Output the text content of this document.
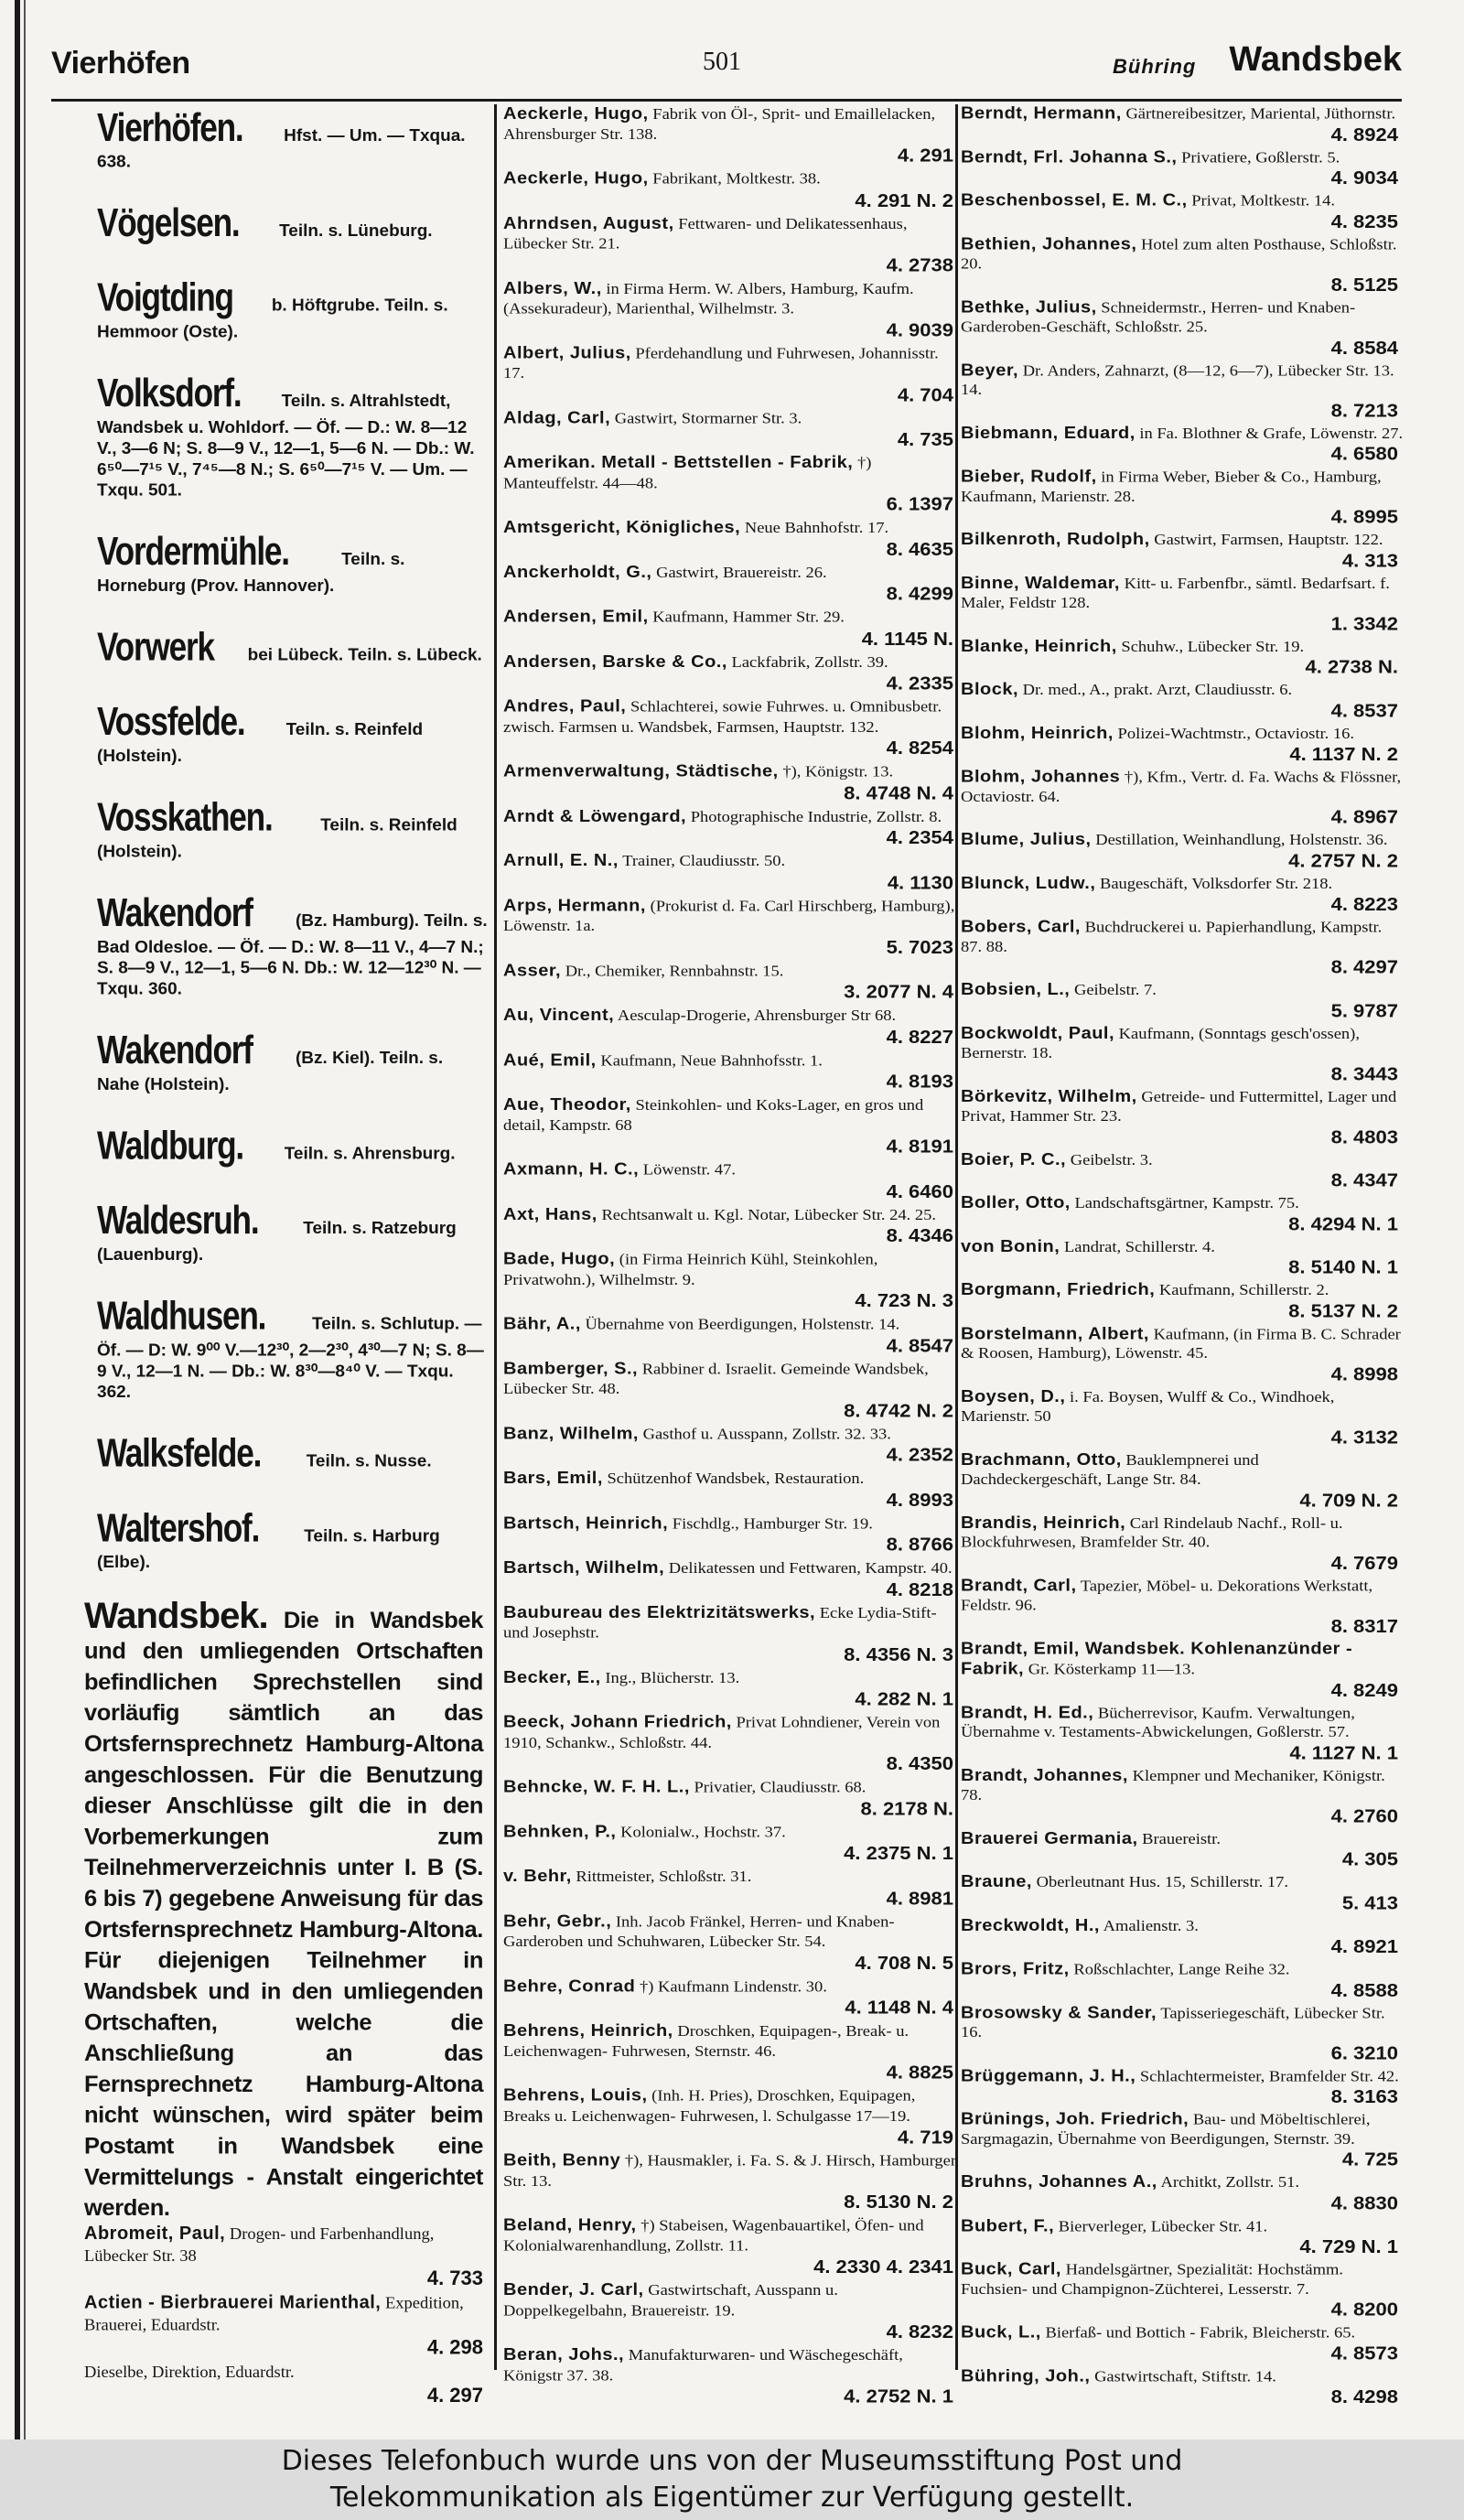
Vierhöfen	501	Bühring Wandsbek
Vierhöfen. Hfst. — Um. — Txqua. 638.
Vögelsen. Teiln. s. Lüneburg.
Voigtding b. Höftgrube. Teiln. s. Hemmoor (Oste).
Volksdorf. Teiln. s. Altrahlstedt, Wandsbek u. Wohldorf. — Öf. — D.: W. 8—12 V., 3—6 N; S. 8—9 V., 12—1, 5—6 N. — Db.: W. 6⁵⁰—7¹⁵ V., 7⁴⁵—8 N.; S. 6⁵⁰—7¹⁵ V. — Um. — Txqu. 501.
Vordermühle.	Teiln. s. Horneburg (Prov. Hannover).
Vorwerk bei Lübeck. Teiln. s. Lübeck.
Vossfelde. Teiln. s. Reinfeld (Holstein).
Vosskathen.	Teiln. s. Reinfeld (Holstein).
Wakendorf (Bz. Hamburg). Teiln. s. Bad Oldesloe. — Öf. — D.: W. 8—11 V., 4—7 N.; S. 8—9 V., 12—1, 5—6 N. Db.: W. 12—12³⁰ N. — Txqu. 360.
Wakendorf (Bz. Kiel). Teiln. s. Nahe (Holstein).
Waldburg. Teiln. s. Ahrensburg.
Waldesruh.	Teiln. s. Ratzeburg (Lauenburg).
Waldhusen.	Teiln. s. Schlutup. — Öf. — D: W. 9⁰⁰ V.—12³⁰, 2—2³⁰, 4³⁰—7 N; S. 8—9 V., 12—1 N. — Db.: W. 8³⁰—8⁴⁰ V. — Txqu. 362.
Walksfelde.	Teiln. s. Nusse.
Waltershof.	Teiln. s. Harburg (Elbe).
Wandsbek. Die in Wandsbek und den umliegenden Ortschaften befindlichen Sprechstellen sind vorläufig sämtlich an das Ortsfernsprechnetz Hamburg-Altona angeschlossen. Für die Benutzung dieser Anschlüsse gilt die in den Vorbemerkungen zum Teilnehmerverzeichnis unter I. B (S. 6 bis 7) gegebene Anweisung für das Ortsfernsprechnetz Hamburg-Altona. Für diejenigen Teilnehmer in Wandsbek und in den umliegenden Ortschaften, welche die Anschließung an das Fernsprechnetz Hamburg-Altona nicht wünschen, wird später beim Postamt in Wandsbek eine Vermittelungs - Anstalt eingerichtet werden.
Abromeit, Paul, Drogen- und Farbenhandlung, Lübecker Str. 38
4. 733
Actien - Bierbrauerei Marienthal, Expedition, Brauerei, Eduardstr.
4. 298
Dieselbe, Direktion, Eduardstr.
4. 297
Aeckerle, Hugo, Fabrik von Öl-, Sprit- und Emaillelacken, Ahrensburger Str. 138.
4. 291
Aeckerle, Hugo, Fabrikant, Moltkestr. 38.
4. 291 N. 2
Ahrndsen, August, Fettwaren- und Delikatessenhaus, Lübecker Str. 21.
4. 2738
Albers, W., in Firma Herm. W. Albers, Hamburg, Kaufm. (Assekuradeur), Marienthal, Wilhelmstr. 3.
4. 9039
Albert, Julius, Pferdehandlung und Fuhrwesen, Johannisstr. 17.
4. 704
Aldag, Carl, Gastwirt, Stormarner Str. 3.
4. 735
Amerikan. Metall - Bettstellen - Fabrik, †) Manteuffelstr. 44—48.
6. 1397
Amtsgericht, Königliches, Neue Bahnhofstr. 17.
8. 4635
Anckerholdt, G., Gastwirt, Brauereistr. 26.
8. 4299
Andersen, Emil, Kaufmann, Hammer Str. 29.
4. 1145 N.
Andersen, Barske & Co., Lackfabrik, Zollstr. 39.
4. 2335
Andres, Paul, Schlachterei, sowie Fuhrwes. u. Omnibusbetr. zwisch. Farmsen u. Wandsbek, Farmsen, Hauptstr. 132.
4. 8254
Armenverwaltung, Städtische, †), Königstr. 13.
8. 4748 N. 4
Arndt & Löwengard, Photographische Industrie, Zollstr. 8.
4. 2354
Arnull, E. N., Trainer, Claudiusstr. 50.
4. 1130
Arps, Hermann, (Prokurist d. Fa. Carl Hirschberg, Hamburg), Löwenstr. 1a.
5. 7023
Asser, Dr., Chemiker, Rennbahnstr. 15.
3. 2077 N. 4
Au, Vincent, Aesculap-Drogerie, Ahrensburger Str 68.
4. 8227
Aué, Emil, Kaufmann, Neue Bahnhofsstr. 1.
4. 8193
Aue, Theodor, Steinkohlen- und Koks-Lager, en gros und detail, Kampstr. 68
4. 8191
Axmann, H. C., Löwenstr. 47.
4. 6460
Axt, Hans, Rechtsanwalt u. Kgl. Notar, Lübecker Str. 24. 25.
8. 4346
Bade, Hugo, (in Firma Heinrich Kühl, Steinkohlen, Privatwohn.), Wilhelmstr. 9.
4. 723 N. 3
Bähr, A., Übernahme von Beerdigungen, Holstenstr. 14.
4. 8547
Bamberger, S., Rabbiner d. Israelit. Gemeinde Wandsbek, Lübecker Str. 48.
8. 4742 N. 2
Banz, Wilhelm, Gasthof u. Ausspann, Zollstr. 32. 33.
4. 2352
Bars, Emil, Schützenhof Wandsbek, Restauration.
4. 8993
Bartsch, Heinrich, Fischdlg., Hamburger Str. 19.
8. 8766
Bartsch, Wilhelm, Delikatessen und Fettwaren, Kampstr. 40.
4. 8218
Baubureau des Elektrizitätswerks, Ecke Lydia-Stift- und Josephstr.
8. 4356 N. 3
Becker, E., Ing., Blücherstr. 13.
4. 282 N. 1
Beeck, Johann Friedrich, Privat Lohndiener, Verein von 1910, Schankw., Schloßstr. 44.
8. 4350
Behncke, W. F. H. L., Privatier, Claudiusstr. 68.
8. 2178 N.
Behnken, P., Kolonialw., Hochstr. 37.
4. 2375 N. 1
v. Behr, Rittmeister, Schloßstr. 31.
4. 8981
Behr, Gebr., Inh. Jacob Fränkel, Herren- und Knaben-Garderoben und Schuhwaren, Lübecker Str. 54.
4. 708 N. 5
Behre, Conrad †) Kaufmann Lindenstr. 30.
4. 1148 N. 4
Behrens, Heinrich, Droschken, Equipagen-, Break- u. Leichenwagen- Fuhrwesen, Sternstr. 46.
4. 8825
Behrens, Louis, (Inh. H. Pries), Droschken, Equipagen, Breaks u. Leichenwagen- Fuhrwesen, l. Schulgasse 17—19.
4. 719
Beith, Benny †), Hausmakler, i. Fa. S. & J. Hirsch, Hamburger Str. 13.
8. 5130 N. 2
Beland, Henry, †) Stabeisen, Wagenbauartikel, Öfen- und Kolonialwarenhandlung, Zollstr. 11.
4. 2330 4. 2341
Bender, J. Carl, Gastwirtschaft, Ausspann u. Doppelkegelbahn, Brauereistr. 19.
4. 8232
Beran, Johs., Manufakturwaren- und Wäschegeschäft, Königstr 37. 38.
4. 2752 N. 1
Berndt, Hermann, Gärtnereibesitzer, Mariental, Jüthornstr.
4. 8924
Berndt, Frl. Johanna S., Privatiere, Goßlerstr. 5.
4. 9034
Beschenbossel, E. M. C., Privat, Moltkestr. 14.
4. 8235
Bethien, Johannes, Hotel zum alten Posthause, Schloßstr. 20.
8. 5125
Bethke, Julius, Schneidermstr., Herren- und Knaben-Garderoben-Geschäft, Schloßstr. 25.
4. 8584
Beyer, Dr. Anders, Zahnarzt, (8—12, 6—7), Lübecker Str. 13. 14.
8. 7213
Biebmann, Eduard, in Fa. Blothner & Grafe, Löwenstr. 27.
4. 6580
Bieber, Rudolf, in Firma Weber, Bieber & Co., Hamburg, Kaufmann, Marienstr. 28.
4. 8995
Bilkenroth, Rudolph, Gastwirt, Farmsen, Hauptstr. 122.
4. 313
Binne, Waldemar, Kitt- u. Farbenfbr., sämtl. Bedarfsart. f. Maler, Feldstr 128.
1. 3342
Blanke, Heinrich, Schuhw., Lübecker Str. 19.
4. 2738 N.
Block, Dr. med., A., prakt. Arzt, Claudiusstr. 6.
4. 8537
Blohm, Heinrich, Polizei-Wachtmstr., Octaviostr. 16.
4. 1137 N. 2
Blohm, Johannes †), Kfm., Vertr. d. Fa. Wachs & Flössner, Octaviostr. 64.
4. 8967
Blume, Julius, Destillation, Weinhandlung, Holstenstr. 36.
4. 2757 N. 2
Blunck, Ludw., Baugeschäft, Volksdorfer Str. 218.
4. 8223
Bobers, Carl, Buchdruckerei u. Papierhandlung, Kampstr. 87. 88.
8. 4297
Bobsien, L., Geibelstr. 7.
5. 9787
Bockwoldt, Paul, Kaufmann, (Sonntags gesch'ossen), Bernerstr. 18.
8. 3443
Börkevitz, Wilhelm, Getreide- und Futtermittel, Lager und Privat, Hammer Str. 23.
8. 4803
Boier, P. C., Geibelstr. 3.
8. 4347
Boller, Otto, Landschaftsgärtner, Kampstr. 75.
8. 4294 N. 1
von Bonin, Landrat, Schillerstr. 4.
8. 5140 N. 1
Borgmann, Friedrich, Kaufmann, Schillerstr. 2.
8. 5137 N. 2
Borstelmann, Albert, Kaufmann, (in Firma B. C. Schrader & Roosen, Hamburg), Löwenstr. 45.
4. 8998
Boysen, D., i. Fa. Boysen, Wulff & Co., Windhoek, Marienstr. 50
4. 3132
Brachmann, Otto, Bauklempnerei und Dachdeckergeschäft, Lange Str. 84.
4. 709 N. 2
Brandis, Heinrich, Carl Rindelaub Nachf., Roll- u. Blockfuhrwesen, Bramfelder Str. 40.
4. 7679
Brandt, Carl, Tapezier, Möbel- u. Dekorations Werkstatt, Feldstr. 96.
8. 8317
Brandt, Emil, Wandsbek. Kohlenanzünder - Fabrik, Gr. Kösterkamp 11—13.
4. 8249
Brandt, H. Ed., Bücherrevisor, Kaufm. Verwaltungen, Übernahme v. Testaments-Abwickelungen, Goßlerstr. 57.
4. 1127 N. 1
Brandt, Johannes, Klempner und Mechaniker, Königstr. 78.
4. 2760
Brauerei Germania, Brauereistr.
4. 305
Braune, Oberleutnant Hus. 15, Schillerstr. 17.
5. 413
Breckwoldt, H., Amalienstr. 3.
4. 8921
Brors, Fritz, Roßschlachter, Lange Reihe 32.
4. 8588
Brosowsky & Sander, Tapisseriegeschäft, Lübecker Str. 16.
6. 3210
Brüggemann, J. H., Schlachtermeister, Bramfelder Str. 42.
8. 3163
Brünings, Joh. Friedrich, Bau- und Möbeltischlerei, Sargmagazin, Übernahme von Beerdigungen, Sternstr. 39.
4. 725
Bruhns, Johannes A., Architkt, Zollstr. 51.
4. 8830
Bubert, F., Bierverleger, Lübecker Str. 41.
4. 729 N. 1
Buck, Carl, Handelsgärtner, Spezialität: Hochstämm. Fuchsien- und Champignon-Züchterei, Lesserstr. 7.
4. 8200
Buck, L., Bierfaß- und Bottich - Fabrik, Bleicherstr. 65.
4. 8573
Bühring, Joh., Gastwirtschaft, Stiftstr. 14.
8. 4298
Dieses Telefonbuch wurde uns von der Museumsstiftung Post und
Telekommunikation als Eigentümer zur Verfügung gestellt.
